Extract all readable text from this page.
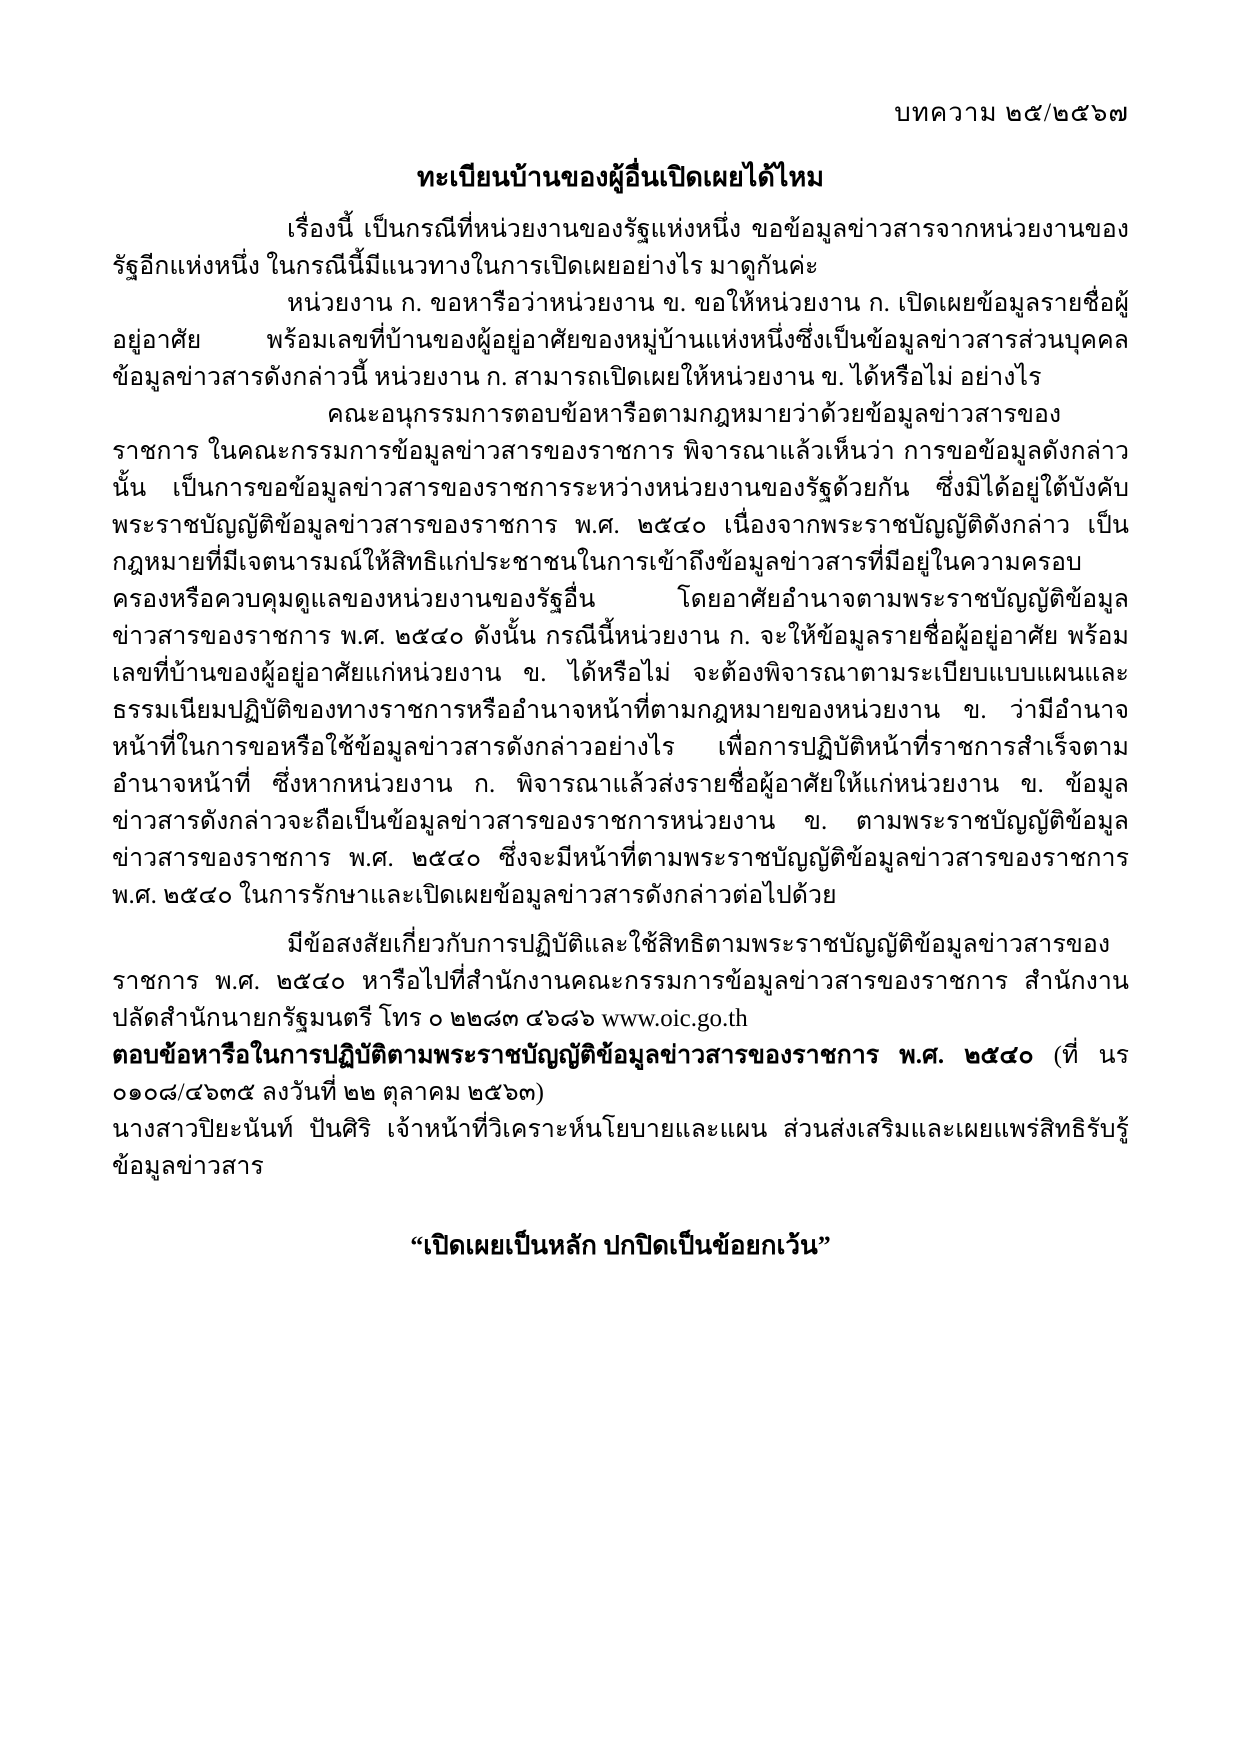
บทความ ๒๕/๒๕๖๗
ทะเบียนบ้านของผู้อื่นเปิดเผยได้ไหม

เรื่องนี้ เป็นกรณีที่หน่วยงานของรัฐแห่งหนึ่ง ขอข้อมูลข่าวสารจากหน่วยงานของรัฐอีกแห่งหนึ่ง ในกรณีนี้มีแนวทางในการเปิดเผยอย่างไร มาดูกันค่ะ

หน่วยงาน ก. ขอหารือว่าหน่วยงาน ข. ขอให้หน่วยงาน ก. เปิดเผยข้อมูลรายชื่อผู้อยู่อาศัย พร้อมเลขที่บ้านของผู้อยู่อาศัยของหมู่บ้านแห่งหนึ่งซึ่งเป็นข้อมูลข่าวสารส่วนบุคคล ข้อมูลข่าวสารดังกล่าวนี้ หน่วยงาน ก. สามารถเปิดเผยให้หน่วยงาน ข. ได้หรือไม่ อย่างไร

คณะอนุกรรมการตอบข้อหารือตามกฎหมายว่าด้วยข้อมูลข่าวสารของราชการ ในคณะกรรมการข้อมูลข่าวสารของราชการ พิจารณาแล้วเห็นว่า การขอข้อมูลดังกล่าวนั้น เป็นการขอข้อมูลข่าวสารของราชการระหว่างหน่วยงานของรัฐด้วยกัน ซึ่งมิได้อยู่ใต้บังคับพระราชบัญญัติข้อมูลข่าวสารของราชการ พ.ศ. ๒๕๔๐ เนื่องจากพระราชบัญญัติดังกล่าว เป็นกฎหมายที่มีเจตนารมณ์ให้สิทธิแก่ประชาชนในการเข้าถึงข้อมูลข่าวสารที่มีอยู่ในความครอบครองหรือควบคุมดูแลของหน่วยงานของรัฐอื่น โดยอาศัยอำนาจตามพระราชบัญญัติข้อมูลข่าวสารของราชการ พ.ศ. ๒๕๔๐ ดังนั้น กรณีนี้หน่วยงาน ก. จะให้ข้อมูลรายชื่อผู้อยู่อาศัย พร้อมเลขที่บ้านของผู้อยู่อาศัยแก่หน่วยงาน ข. ได้หรือไม่ จะต้องพิจารณาตามระเบียบแบบแผนและธรรมเนียมปฏิบัติของทางราชการหรืออำนาจหน้าที่ตามกฎหมายของหน่วยงาน ข. ว่ามีอำนาจหน้าที่ในการขอหรือใช้ข้อมูลข่าวสารดังกล่าวอย่างไร เพื่อการปฏิบัติหน้าที่ราชการสำเร็จตามอำนาจหน้าที่ ซึ่งหากหน่วยงาน ก. พิจารณาแล้วส่งรายชื่อผู้อาศัยให้แก่หน่วยงาน ข. ข้อมูลข่าวสารดังกล่าวจะถือเป็นข้อมูลข่าวสารของราชการหน่วยงาน ข. ตามพระราชบัญญัติข้อมูลข่าวสารของราชการ พ.ศ. ๒๕๔๐ ซึ่งจะมีหน้าที่ตามพระราชบัญญัติข้อมูลข่าวสารของราชการ พ.ศ. ๒๕๔๐ ในการรักษาและเปิดเผยข้อมูลข่าวสารดังกล่าวต่อไปด้วย

มีข้อสงสัยเกี่ยวกับการปฏิบัติและใช้สิทธิตามพระราชบัญญัติข้อมูลข่าวสารของราชการ พ.ศ. ๒๕๔๐ หารือไปที่สำนักงานคณะกรรมการข้อมูลข่าวสารของราชการ สำนักงานปลัดสำนักนายกรัฐมนตรี โทร ๐ ๒๒๘๓ ๔๖๘๖ www.oic.go.th

ตอบข้อหารือในการปฏิบัติตามพระราชบัญญัติข้อมูลข่าวสารของราชการ พ.ศ. ๒๕๔๐ (ที่ นร ๐๑๐๘/๔๖๓๕ ลงวันที่ ๒๒ ตุลาคม ๒๕๖๓)

นางสาวปิยะนันท์ ปันศิริ เจ้าหน้าที่วิเคราะห์นโยบายและแผน ส่วนส่งเสริมและเผยแพร่สิทธิรับรู้ข้อมูลข่าวสาร

“เปิดเผยเป็นหลัก ปกปิดเป็นข้อยกเว้น”
